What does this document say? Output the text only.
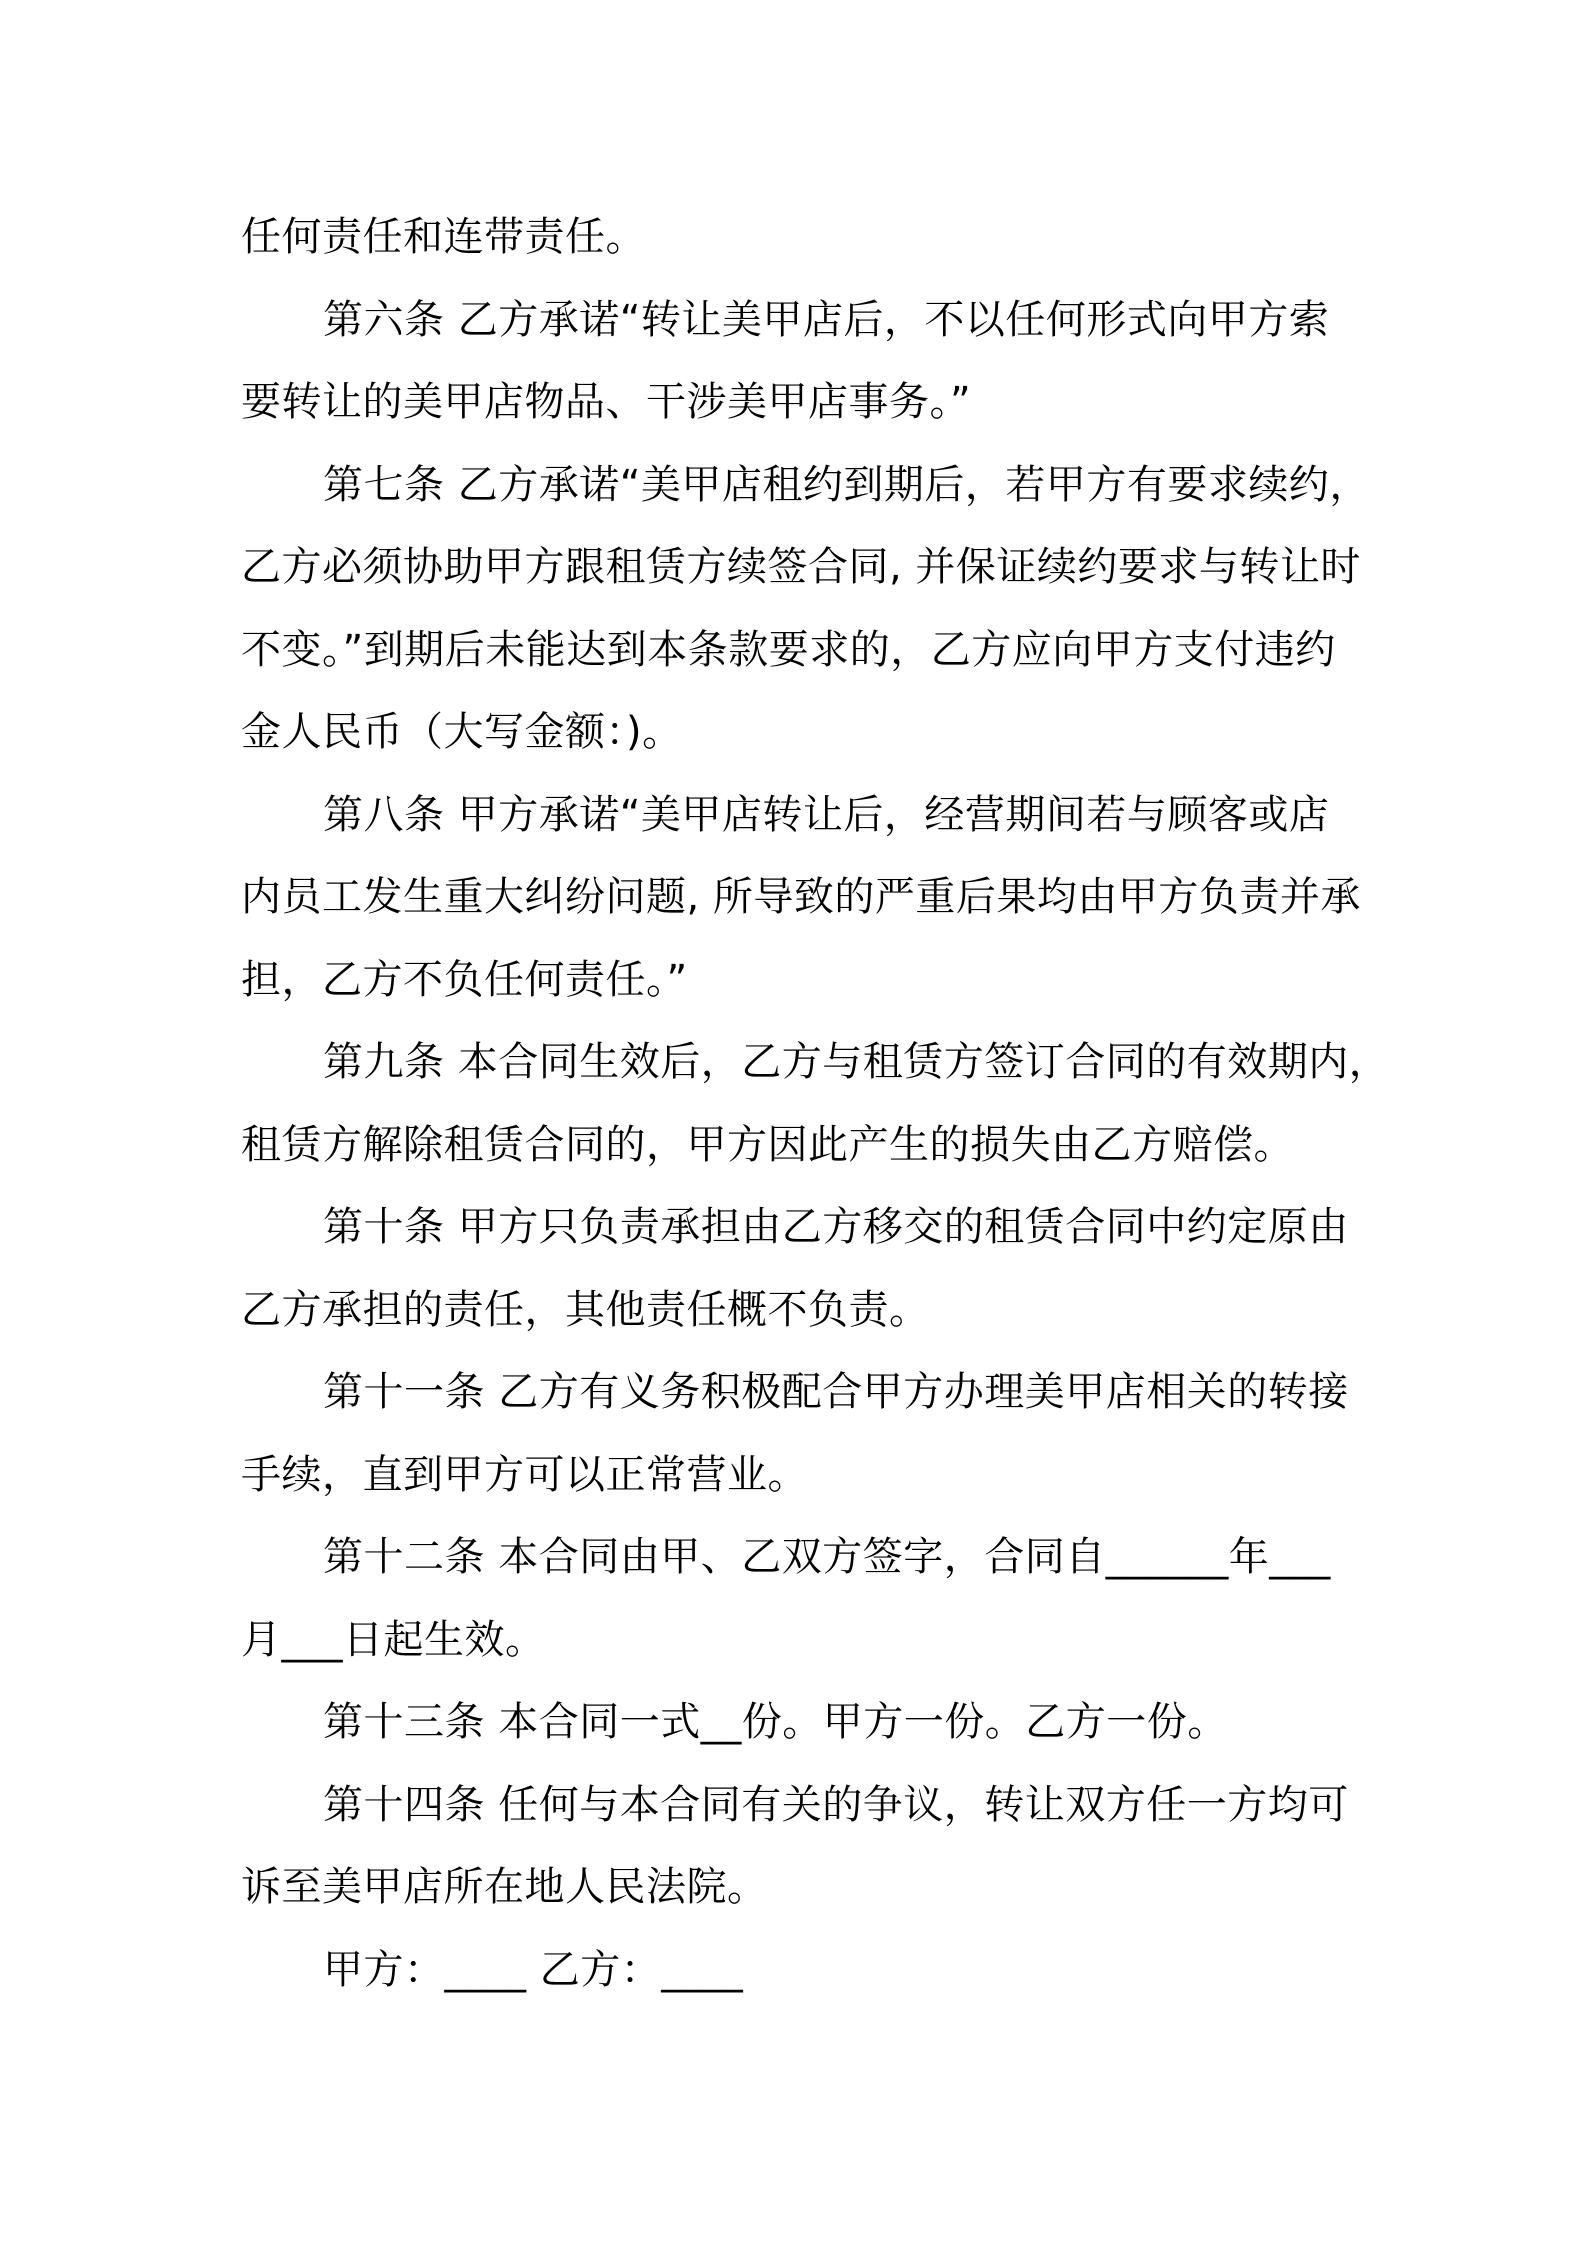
任何责任和连带责任。

第六条 乙方承诺“转让美甲店后，不以任何形式向甲方索
要转让的美甲店物品、干涉美甲店事务。”

第七条 乙方承诺“美甲店租约到期后，若甲方有要求续约，
乙方必须协助甲方跟租赁方续签合同, 并保证续约要求与转让时
不变。”到期后未能达到本条款要求的，乙方应向甲方支付违约
金人民币（大写金额：)。

第八条 甲方承诺“美甲店转让后，经营期间若与顾客或店
内员工发生重大纠纷问题, 所导致的严重后果均由甲方负责并承
担，乙方不负任何责任。”

第九条 本合同生效后，乙方与租赁方签订合同的有效期内，
租赁方解除租赁合同的，甲方因此产生的损失由乙方赔偿。

第十条 甲方只负责承担由乙方移交的租赁合同中约定原由
乙方承担的责任，其他责任概不负责。

第十一条 乙方有义务积极配合甲方办理美甲店相关的转接
手续，直到甲方可以正常营业。

第十二条 本合同由甲、乙双方签字，合同自______年___
月___日起生效。

第十三条 本合同一式__份。甲方一份。乙方一份。

第十四条 任何与本合同有关的争议，转让双方任一方均可
诉至美甲店所在地人民法院。

甲方：____ 乙方：____
